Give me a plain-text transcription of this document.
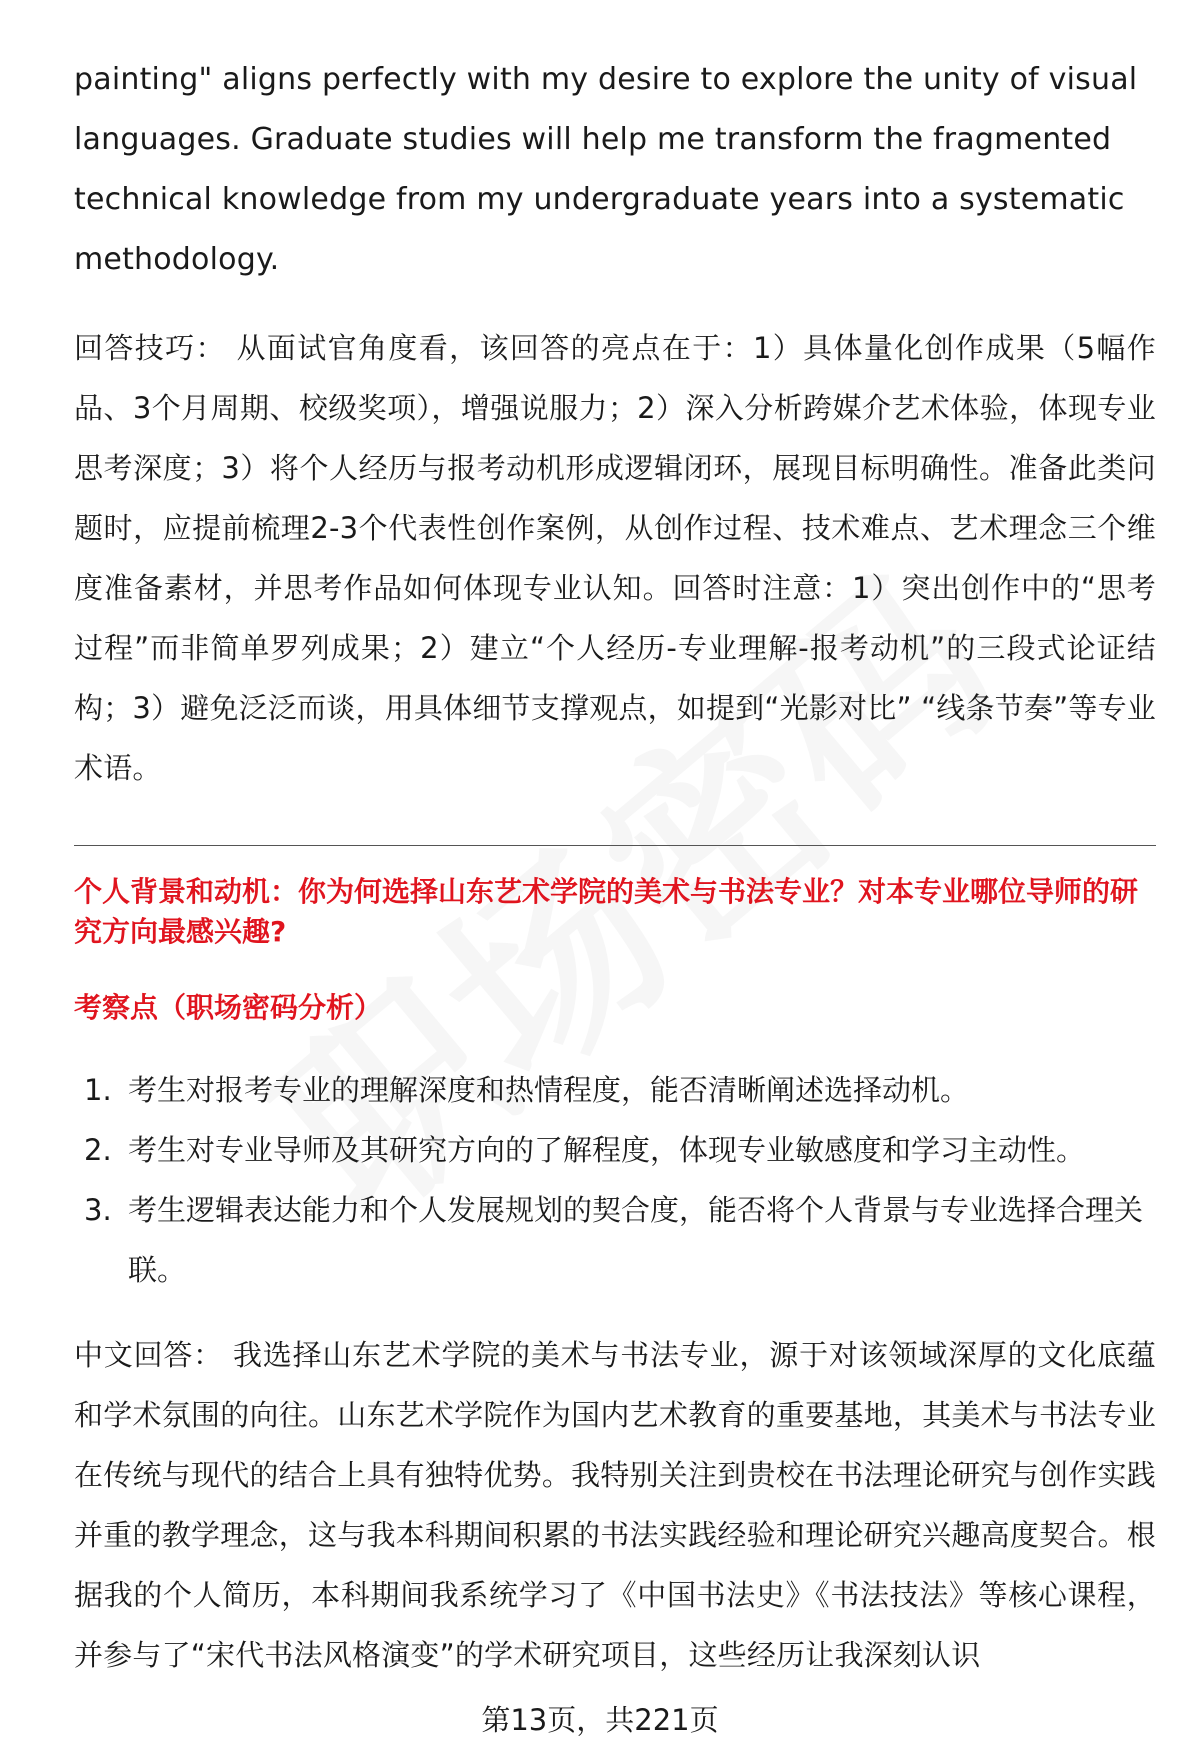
painting" aligns perfectly with my desire to explore the unity of visual languages. Graduate studies will help me transform the fragmented technical knowledge from my undergraduate years into a systematic methodology.

回答技巧： 从面试官角度看，该回答的亮点在于：1）具体量化创作成果（5幅作品、3个月周期、校级奖项），增强说服力；2）深入分析跨媒介艺术体验，体现专业思考深度；3）将个人经历与报考动机形成逻辑闭环，展现目标明确性。准备此类问题时，应提前梳理2-3个代表性创作案例，从创作过程、技术难点、艺术理念三个维度准备素材，并思考作品如何体现专业认知。回答时注意：1）突出创作中的“思考过程”而非简单罗列成果；2）建立“个人经历-专业理解-报考动机”的三段式论证结构；3）避免泛泛而谈，用具体细节支撑观点，如提到“光影对比” “线条节奏”等专业术语。

个人背景和动机：你为何选择山东艺术学院的美术与书法专业？对本专业哪位导师的研究方向最感兴趣?
考察点（职场密码分析）
1. 考生对报考专业的理解深度和热情程度，能否清晰阐述选择动机。
2. 考生对专业导师及其研究方向的了解程度，体现专业敏感度和学习主动性。
3. 考生逻辑表达能力和个人发展规划的契合度，能否将个人背景与专业选择合理关联。

中文回答： 我选择山东艺术学院的美术与书法专业，源于对该领域深厚的文化底蕴和学术氛围的向往。山东艺术学院作为国内艺术教育的重要基地，其美术与书法专业在传统与现代的结合上具有独特优势。我特别关注到贵校在书法理论研究与创作实践并重的教学理念，这与我本科期间积累的书法实践经验和理论研究兴趣高度契合。根据我的个人简历，本科期间我系统学习了《中国书法史》《书法技法》等核心课程，并参与了“宋代书法风格演变”的学术研究项目，这些经历让我深刻认识

第13页，共221页
